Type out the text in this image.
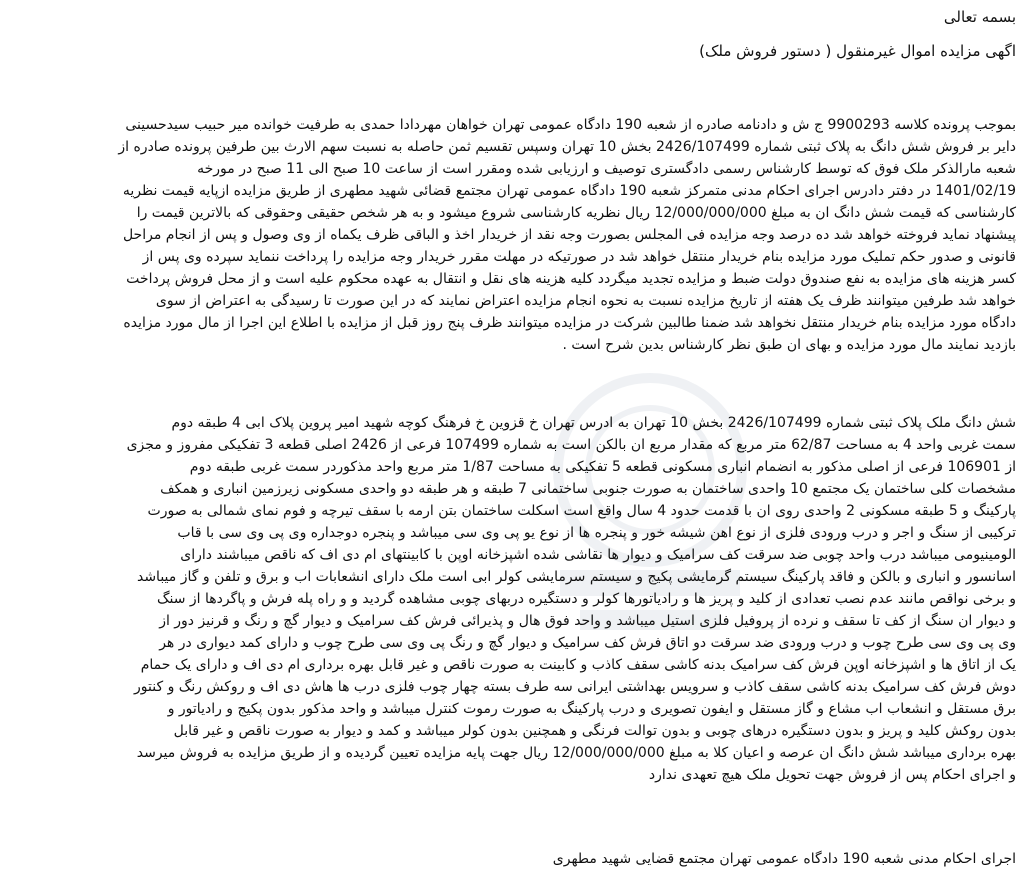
بسمه تعالی
اگهی مزایده اموال غیرمنقول ( دستور فروش ملک)
بموجب پرونده کلاسه 9900293 ج ش و دادنامه صادره از شعبه 190 دادگاه عمومی تهران خواهان مهردادا حمدی به طرفیت خوانده میر حبیب سیدحسینی
دایر بر فروش شش دانگ به پلاک ثبتی شماره 2426/107499 بخش 10 تهران وسپس تقسیم ثمن حاصله به نسبت سهم الارث بین طرفین پرونده صادره از
شعبه مارالذکر ملک فوق که توسط کارشناس رسمی دادگستری توصیف و ارزیابی شده ومقرر است از ساعت 10 صبح الی 11 صبح در مورخه
1401/02/19 در دفتر دادرس اجرای احکام مدنی متمرکز شعبه 190 دادگاه عمومی تهران مجتمع قضائی شهید مطهری از طریق مزایده ازپایه قیمت نظریه
کارشناسی که قیمت شش دانگ ان به مبلغ 12/000/000/000 ریال نظریه کارشناسی شروع میشود و به هر شخص حقیقی وحقوقی که بالاترین قیمت را
پیشنهاد نماید فروخته خواهد شد ده درصد وجه مزایده فی المجلس بصورت وجه نقد از خریدار اخذ و الباقی ظرف یکماه از وی وصول و پس از انجام مراحل
قانونی و صدور حکم تملیک مورد مزایده بنام خریدار منتقل خواهد شد در صورتیکه در مهلت مقرر خریدار وجه مزایده را پرداخت ننماید سپرده وی پس از
کسر هزینه های مزایده به نفع صندوق دولت ضبط و مزایده تجدید میگردد کلیه هزینه های نقل و انتقال به عهده محکوم علیه است و از محل فروش پرداخت
خواهد شد طرفین میتوانند ظرف یک هفته از تاریخ مزایده نسبت به نحوه انجام مزایده اعتراض نمایند که در این صورت تا رسیدگی به اعتراض از سوی
دادگاه مورد مزایده بنام خریدار منتقل نخواهد شد ضمنا طالبین شرکت در مزایده میتوانند ظرف پنج روز قبل از مزایده با اطلاع این اجرا از مال مورد مزایده
بازدید نمایند مال مورد مزایده و بهای ان طبق نظر کارشناس بدین شرح است .
شش دانگ ملک پلاک ثبتی شماره 2426/107499 بخش 10 تهران به ادرس تهران خ قزوین خ فرهنگ کوچه شهید امیر پروین پلاک ابی 4 طبقه دوم
سمت غربی واحد 4 به مساحت 62/87 متر مربع که مقدار مربع ان بالکن است به شماره 107499 فرعی از 2426 اصلی قطعه 3 تفکیکی مفروز و مجزی
از 106901 فرعی از اصلی مذکور به انضمام انباری مسکونی قطعه 5 تفکیکی به مساحت 1/87 متر مربع واحد مذکوردر سمت غربی طبقه دوم
مشخصات کلی ساختمان یک مجتمع 10 واحدی ساختمان به صورت جنوبی ساختمانی 7 طبقه و هر طبقه دو واحدی مسکونی زیرزمین انباری و همکف
پارکینگ و 5 طبقه مسکونی 2 واحدی روی ان با قدمت حدود 4 سال واقع است اسکلت ساختمان بتن ارمه با سقف تیرچه و فوم نمای شمالی به صورت
ترکیبی از سنگ و اجر و درب ورودی فلزی از نوع اهن شیشه خور و پنجره ها از نوع یو پی وی سی میباشد و پنجره دوجداره وی پی وی سی با قاب
الومینیومی میباشد درب واحد چوبی ضد سرقت کف سرامیک و دیوار ها نقاشی شده اشپزخانه اوپن با کابینتهای ام دی اف که ناقص میباشند دارای
اسانسور و انباری و بالکن و فاقد پارکینگ سیستم گرمایشی پکیج و سیستم سرمایشی کولر ابی است ملک دارای انشعابات اب و برق و تلفن و گاز میباشد
و برخی نواقص مانند عدم نصب تعدادی از کلید و پریز ها و رادیاتورها کولر و دستگیره دربهای چوبی مشاهده گردید و و راه پله فرش و پاگردها از سنگ
و دیوار ان سنگ از کف تا سقف و نرده از پروفیل فلزی استیل میباشد و واحد فوق هال و پذیرائی فرش کف سرامیک و دیوار گچ و رنگ و قرنیز دور از
وی پی وی سی طرح چوب و درب ورودی ضد سرقت دو اتاق فرش کف سرامیک و دیوار گچ و رنگ پی وی سی طرح چوب و دارای کمد دیواری در هر
یک از اتاق ها و اشپزخانه اوپن فرش کف سرامیک بدنه کاشی سقف کاذب و کابینت به صورت ناقص و غیر قابل بهره برداری ام دی اف و دارای یک حمام
دوش فرش کف سرامیک بدنه کاشی سقف کاذب و سرویس بهداشتی ایرانی سه طرف بسته چهار چوب فلزی درب ها هاش دی اف و روکش رنگ و کنتور
برق مستقل و انشعاب اب مشاع و گاز مستقل و ایفون تصویری و درب پارکینگ به صورت رموت کنترل میباشد و واحد مذکور بدون پکیج و رادیاتور و
بدون روکش کلید و پریز و بدون دستگیره درهای چوبی و بدون توالت فرنگی و همچنین بدون کولر میباشد و کمد و دیوار به صورت ناقص و غیر قابل
بهره برداری میباشد شش دانگ ان عرصه و اعیان کلا به مبلغ 12/000/000/000 ریال جهت پایه مزایده تعیین گردیده و از طریق مزایده به فروش میرسد
و اجرای احکام پس از فروش جهت تحویل ملک هیچ تعهدی ندارد
اجرای احکام مدنی شعبه 190 دادگاه عمومی تهران مجتمع قضایی شهید مطهری
